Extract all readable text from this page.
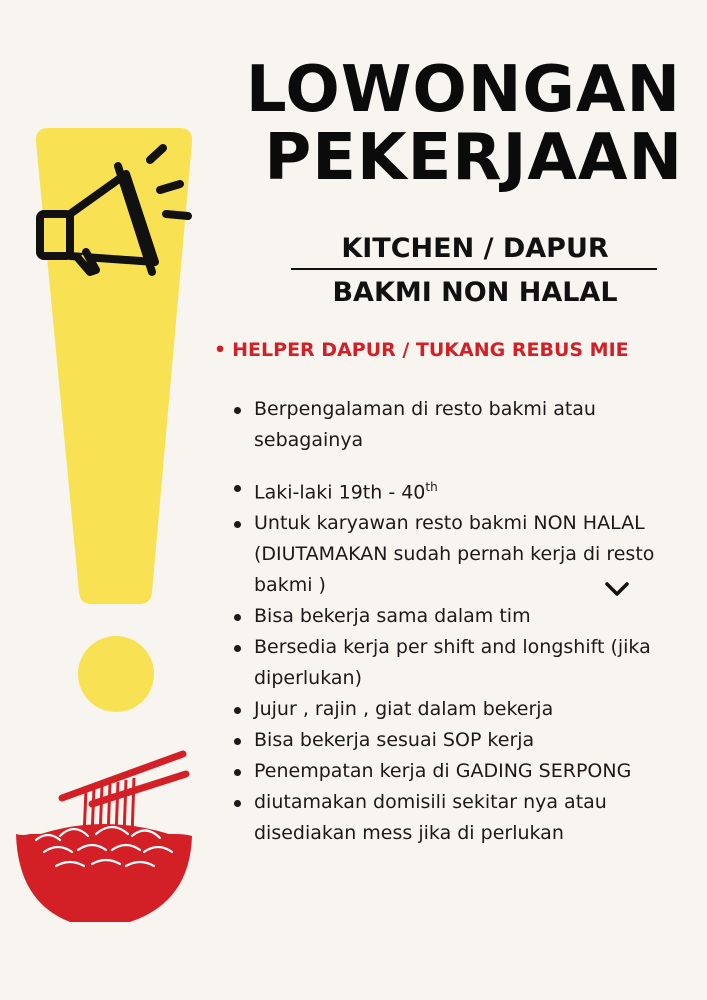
LOWONGAN
PEKERJAAN
KITCHEN / DAPUR
BAKMI NON HALAL
• HELPER DAPUR / TUKANG REBUS MIE
Berpengalaman di resto bakmi atau sebagainya
Laki-laki 19th - 40th
Untuk karyawan resto bakmi NON HALAL (DIUTAMAKAN sudah pernah kerja di resto bakmi )
Bisa bekerja sama dalam tim
Bersedia kerja per shift and longshift (jika diperlukan)
Jujur , rajin , giat dalam bekerja
Bisa bekerja sesuai SOP kerja
Penempatan kerja di GADING SERPONG
diutamakan domisili sekitar nya atau disediakan mess jika di perlukan
